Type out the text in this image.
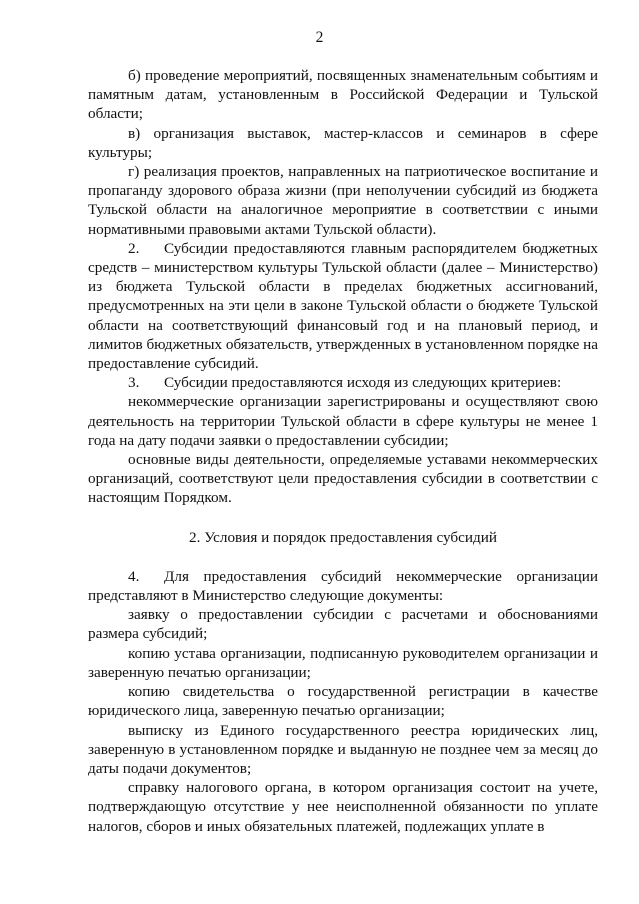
2

б) проведение мероприятий, посвященных знаменательным событиям и памятным датам, установленным в Российской Федерации и Тульской области;

в) организация выставок, мастер-классов и семинаров в сфере культуры;

г) реализация проектов, направленных на патриотическое воспитание и пропаганду здорового образа жизни (при неполучении субсидий из бюджета Тульской области на аналогичное мероприятие в соответствии с иными нормативными правовыми актами Тульской области).

2. Субсидии предоставляются главным распорядителем бюджетных средств – министерством культуры Тульской области (далее – Министерство) из бюджета Тульской области в пределах бюджетных ассигнований, предусмотренных на эти цели в законе Тульской области о бюджете Тульской области на соответствующий финансовый год и на плановый период, и лимитов бюджетных обязательств, утвержденных в установленном порядке на предоставление субсидий.

3. Субсидии предоставляются исходя из следующих критериев:

некоммерческие организации зарегистрированы и осуществляют свою деятельность на территории Тульской области в сфере культуры не менее 1 года на дату подачи заявки о предоставлении субсидии;

основные виды деятельности, определяемые уставами некоммерческих организаций, соответствуют цели предоставления субсидии в соответствии с настоящим Порядком.

2. Условия и порядок предоставления субсидий

4. Для предоставления субсидий некоммерческие организации представляют в Министерство следующие документы:

заявку о предоставлении субсидии с расчетами и обоснованиями размера субсидий;

копию устава организации, подписанную руководителем организации и заверенную печатью организации;

копию свидетельства о государственной регистрации в качестве юридического лица, заверенную печатью организации;

выписку из Единого государственного реестра юридических лиц, заверенную в установленном порядке и выданную не позднее чем за месяц до даты подачи документов;

справку налогового органа, в котором организация состоит на учете, подтверждающую отсутствие у нее неисполненной обязанности по уплате налогов, сборов и иных обязательных платежей, подлежащих уплате в
